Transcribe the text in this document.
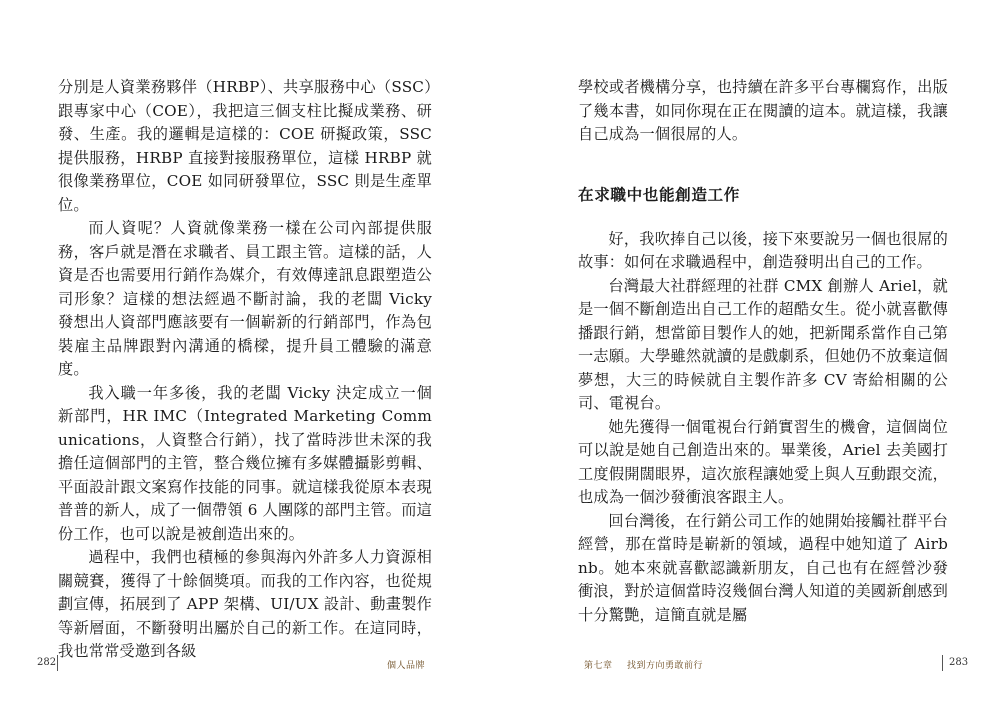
分別是人資業務夥伴（HRBP）、共享服務中心（SSC）跟專家中心（COE），我把這三個支柱比擬成業務、研發、生產。我的邏輯是這樣的：COE 研擬政策，SSC 提供服務，HRBP 直接對接服務單位，這樣 HRBP 就很像業務單位，COE 如同研發單位，SSC 則是生產單位。

而人資呢？人資就像業務一樣在公司內部提供服務，客戶就是潛在求職者、員工跟主管。這樣的話，人資是否也需要用行銷作為媒介，有效傳達訊息跟塑造公司形象？這樣的想法經過不斷討論，我的老闆 Vicky 發想出人資部門應該要有一個嶄新的行銷部門，作為包裝雇主品牌跟對內溝通的橋樑，提升員工體驗的滿意度。

我入職一年多後，我的老闆 Vicky 決定成立一個新部門，HR IMC（Integrated Marketing Communications，人資整合行銷），找了當時涉世未深的我擔任這個部門的主管，整合幾位擁有多媒體攝影剪輯、平面設計跟文案寫作技能的同事。就這樣我從原本表現普普的新人，成了一個帶領 6 人團隊的部門主管。而這份工作，也可以說是被創造出來的。

過程中，我們也積極的參與海內外許多人力資源相關競賽，獲得了十餘個獎項。而我的工作內容，也從規劃宣傳，拓展到了 APP 架構、UI/UX 設計、動畫製作等新層面，不斷發明出屬於自己的新工作。在這同時，我也常常受邀到各級

學校或者機構分享，也持續在許多平台專欄寫作，出版了幾本書，如同你現在正在閱讀的這本。就這樣，我讓自己成為一個很屌的人。

在求職中也能創造工作

好，我吹捧自己以後，接下來要說另一個也很屌的故事：如何在求職過程中，創造發明出自己的工作。

台灣最大社群經理的社群 CMX 創辦人 Ariel，就是一個不斷創造出自己工作的超酷女生。從小就喜歡傳播跟行銷，想當節目製作人的她，把新聞系當作自己第一志願。大學雖然就讀的是戲劇系，但她仍不放棄這個夢想，大三的時候就自主製作許多 CV 寄給相關的公司、電視台。

她先獲得一個電視台行銷實習生的機會，這個崗位可以說是她自己創造出來的。畢業後，Ariel 去美國打工度假開闊眼界，這次旅程讓她愛上與人互動跟交流，也成為一個沙發衝浪客跟主人。

回台灣後，在行銷公司工作的她開始接觸社群平台經營，那在當時是嶄新的領域，過程中她知道了 Airbnb。她本來就喜歡認識新朋友，自己也有在經營沙發衝浪，對於這個當時沒幾個台灣人知道的美國新創感到十分驚艷，這簡直就是屬

282	個人品牌	第七章 找到方向勇敢前行	283
